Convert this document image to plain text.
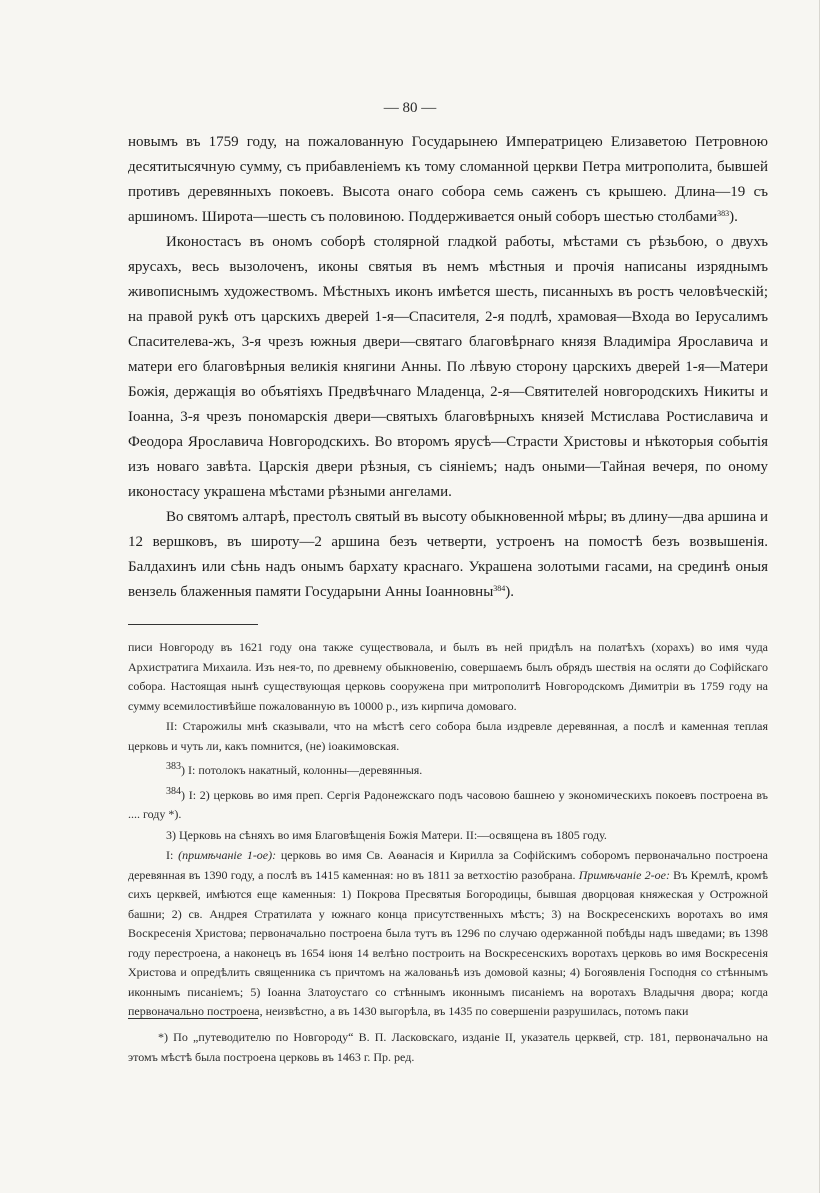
— 80 —

новымъ въ 1759 году, на пожалованную Государынею Императрицею Елизаветою Петровною десятитысячную сумму, съ прибавленіемъ къ тому сломанной церкви Петра митрополита, бывшей противъ деревянныхъ покоевъ. Высота онаго собора семь саженъ съ крышею. Длина—19 съ аршиномъ. Широта—шесть съ половиною. Поддерживается оный соборъ шестью столбами$^{383}$).

Иконостасъ въ ономъ соборѣ столярной гладкой работы, мѣстами съ рѣзьбою, о двухъ ярусахъ, весь вызолоченъ, иконы святыя въ немъ мѣстныя и прочія написаны изряднымъ живописнымъ художествомъ. Мѣстныхъ иконъ имѣется шесть, писанныхъ въ ростъ человѣческій; на правой рукѣ отъ царскихъ дверей 1-я—Спасителя, 2-я подлѣ, храмовая—Входа во Іерусалимъ Спасителева-жъ, 3-я чрезъ южныя двери—святаго благовѣрнаго князя Владиміра Ярославича и матери его благовѣрныя великія княгини Анны. По лѣвую сторону царскихъ дверей 1-я—Матери Божія, держащія во объятіяхъ Предвѣчнаго Младенца, 2-я—Святителей новгородскихъ Никиты и Іоанна, 3-я чрезъ пономарскія двери—святыхъ благовѣрныхъ князей Мстислава Ростиславича и Феодора Ярославича Новгородскихъ. Во второмъ ярусѣ—Страсти Христовы и нѣкоторыя событія изъ новаго завѣта. Царскія двери рѣзныя, съ сіяніемъ; надъ оными—Тайная вечеря, по оному иконостасу украшена мѣстами рѣзными ангелами.

Во святомъ алтарѣ, престолъ святый въ высоту обыкновенной мѣры; въ длину—два аршина и 12 вершковъ, въ широту—2 аршина безъ четверти, устроенъ на помостѣ безъ возвышенія. Балдахинъ или сѣнь надъ онымъ бархату краснаго. Украшена золотыми гасами, на срединѣ оныя вензель блаженныя памяти Государыни Анны Іоанновны$^{384}$).

писи Новгороду въ 1621 году она также существовала, и былъ въ ней придѣлъ на полатѣхъ (хорахъ) во имя чуда Архистратига Михаила. Изъ нея-то, по древнему обыкновенію, совершаемъ былъ обрядъ шествія на осляти до Софійскаго собора. Настоящая нынѣ существующая церковь сооружена при митрополитѣ Новгородскомъ Димитріи въ 1759 году на сумму всемилостивѣйше пожалованную въ 10000 р., изъ кирпича домоваго.

II: Старожилы мнѣ сказывали, что на мѣстѣ сего собора была издревле деревянная, а послѣ и каменная теплая церковь и чуть ли, какъ помнится, (не) іоакимовская.

$^{383}$) I: потолокъ накатный, колонны—деревянныя.

$^{384}$) I: 2) церковь во имя преп. Сергія Радонежскаго подъ часовою башнею у экономическихъ покоевъ построена въ .... году *).

3) Церковь на сѣняхъ во имя Благовѣщенія Божія Матери. II:—освящена въ 1805 году.

I: (примѣчаніе 1-ое): церковь во имя Св. Аѳанасія и Кирилла за Софійскимъ соборомъ первоначально построена деревянная въ 1390 году, а послѣ въ 1415 каменная: но въ 1811 за ветхостію разобрана. Примѣчаніе 2-ое: Въ Кремлѣ, кромѣ сихъ церквей, имѣются еще каменныя: 1) Покрова Пресвятыя Богородицы, бывшая дворцовая княжеская у Острожной башни; 2) св. Андрея Стратилата у южнаго конца присутственныхъ мѣстъ; 3) на Воскресенскихъ воротахъ во имя Воскресенія Христова; первоначально построена была тутъ въ 1296 по случаю одержанной побѣды надъ шведами; въ 1398 году перестроена, а наконецъ въ 1654 іюня 14 велѣно построить на Воскресенскихъ воротахъ церковь во имя Воскресенія Христова и опредѣлить священника съ причтомъ на жалованьѣ изъ домовой казны; 4) Богоявленія Господня со стѣннымъ иконнымъ писаніемъ; 5) Іоанна Златоустаго со стѣннымъ иконнымъ писаніемъ на воротахъ Владычня двора; когда первоначально построена, неизвѣстно, а въ 1430 выгорѣла, въ 1435 по совершеніи разрушилась, потомъ паки

*) По „путеводителю по Новгороду“ В. П. Ласковскаго, изданіе II, указатель церквей, стр. 181, первоначально на этомъ мѣстѣ была построена церковь въ 1463 г. Пр. ред.
